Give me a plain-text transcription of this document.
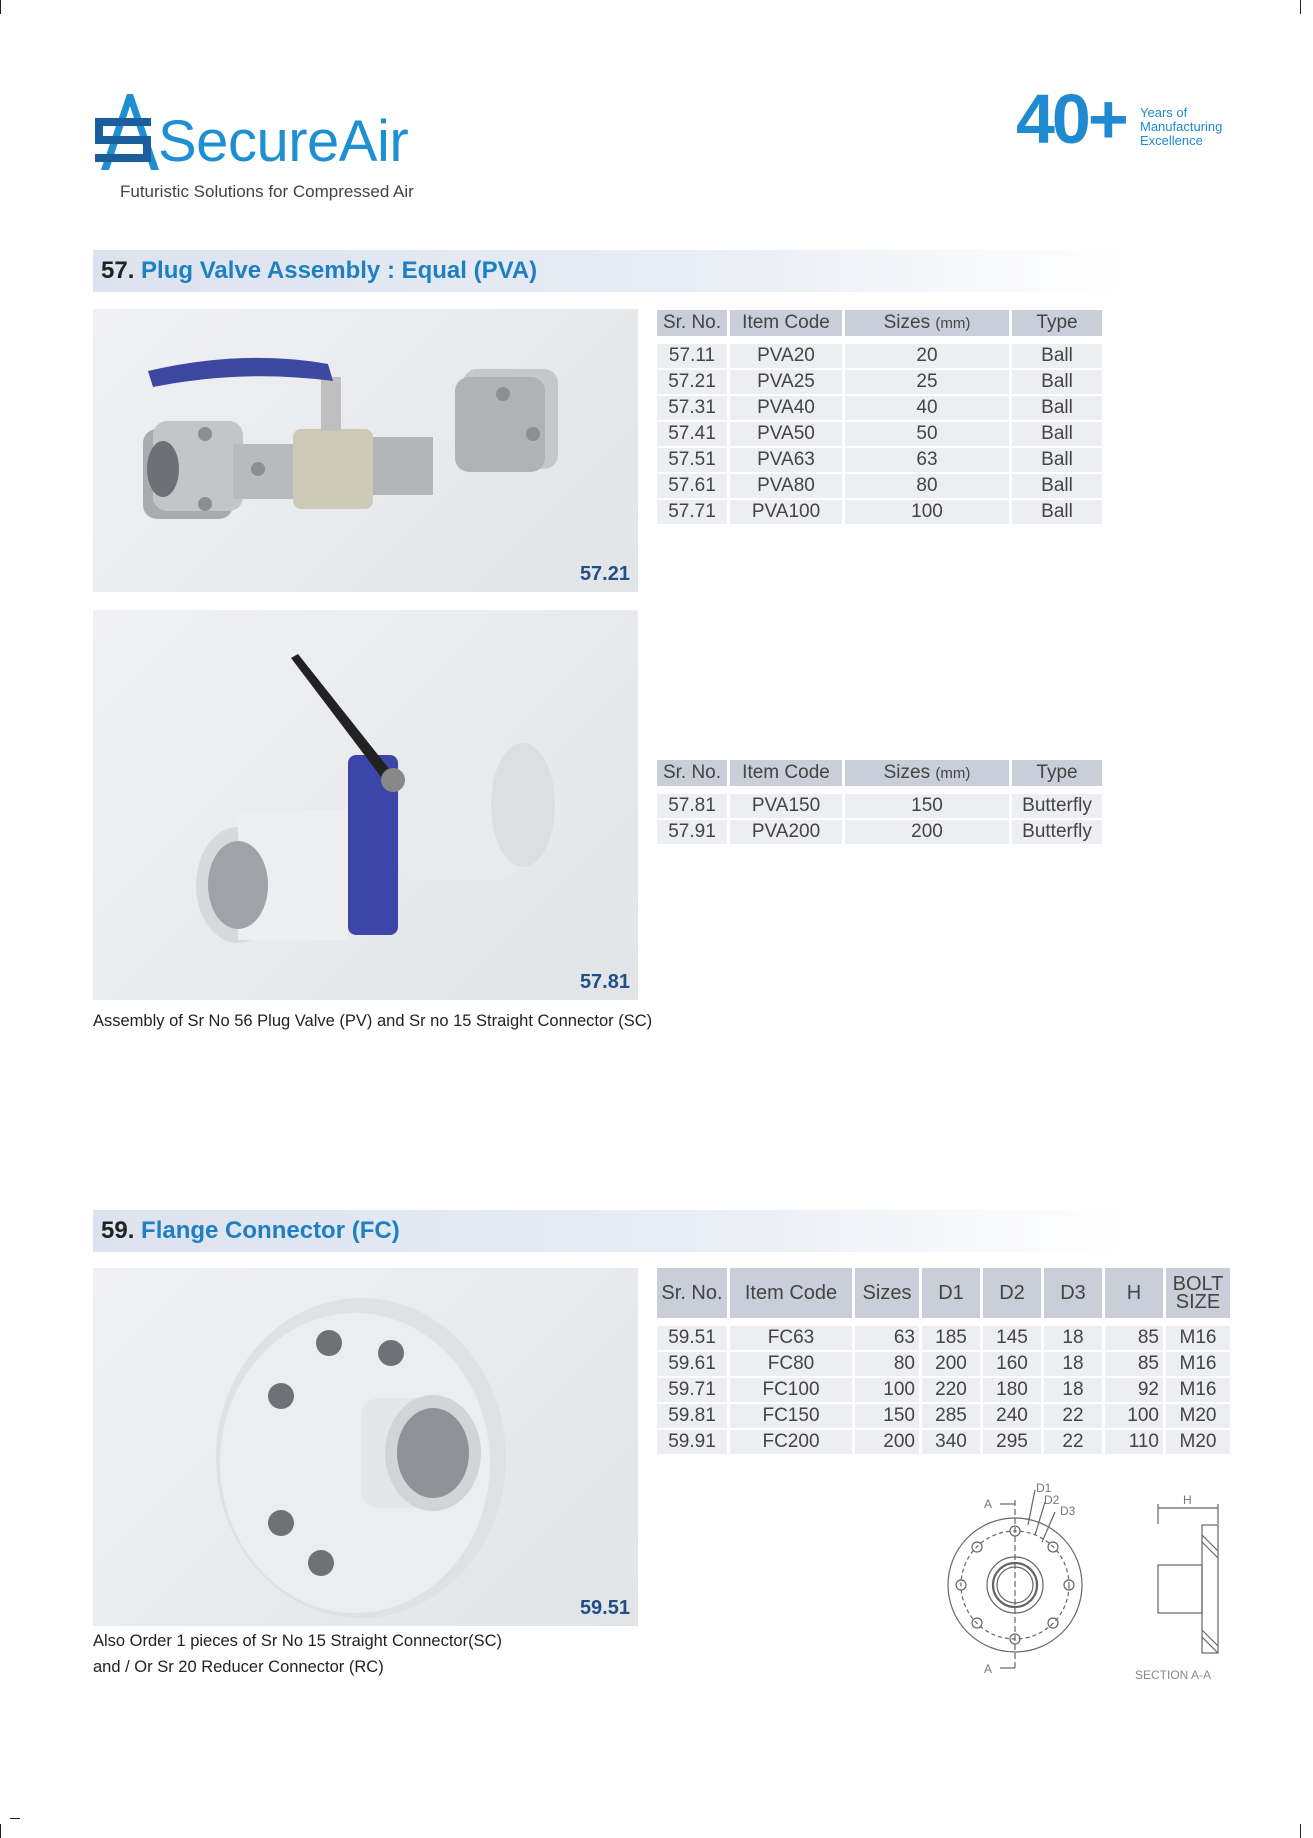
SecureAir
Futuristic Solutions for Compressed Air
40+ Years of
Manufacturing
Excellence
57. Plug Valve Assembly : Equal (PVA)
57.21
Sr. No.	Item Code	Sizes (mm)	Type

57.11	PVA20	20	Ball
57.21	PVA25	25	Ball
57.31	PVA40	40	Ball
57.41	PVA50	50	Ball
57.51	PVA63	63	Ball
57.61	PVA80	80	Ball
57.71	PVA100	100	Ball
57.81
Sr. No.	Item Code	Sizes (mm)	Type

57.81	PVA150	150	Butterfly
57.91	PVA200	200	Butterfly
Assembly of Sr No 56 Plug Valve (PV) and Sr no 15 Straight Connector (SC)
59. Flange Connector (FC)
59.51
Sr. No.	Item Code	Sizes	D1	D2	D3	H	BOLT
SIZE

59.51	FC63	63	185	145	18	85	M16
59.61	FC80	80	200	160	18	85	M16
59.71	FC100	100	220	180	18	92	M16
59.81	FC150	150	285	240	22	100	M20
59.91	FC200	200	340	295	22	110	M20
Also Order 1 pieces of Sr No 15 Straight Connector(SC)
and / Or Sr 20 Reducer Connector (RC)
A
A
D1
D2
D3
H
SECTION A-A
